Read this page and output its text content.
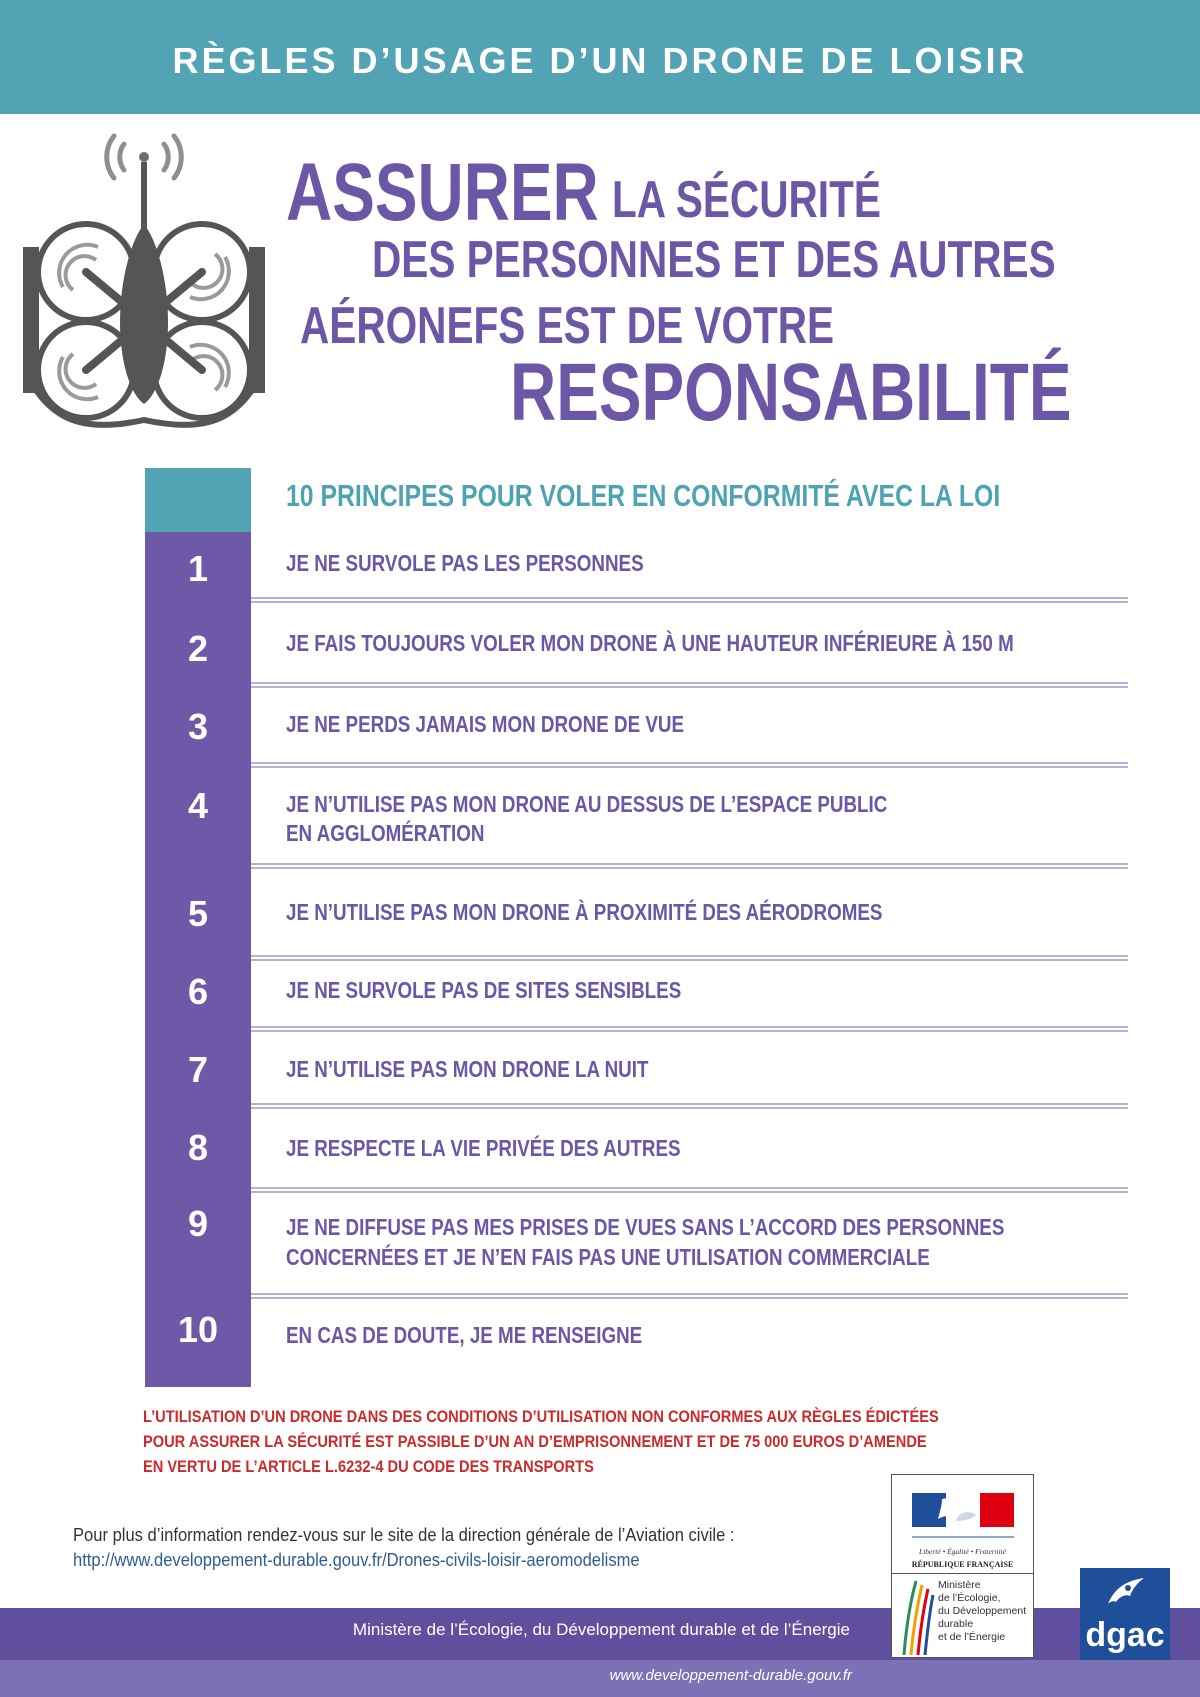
RÈGLES D’USAGE D’UN DRONE DE LOISIR
ASSURER LA SÉCURITÉ
DES PERSONNES ET DES AUTRES
AÉRONEFS EST DE VOTRE
RESPONSABILITÉ
10 PRINCIPES POUR VOLER EN CONFORMITÉ AVEC LA LOI
1	JE NE SURVOLE PAS LES PERSONNES
2	JE FAIS TOUJOURS VOLER MON DRONE À UNE HAUTEUR INFÉRIEURE À 150 M
3	JE NE PERDS JAMAIS MON DRONE DE VUE
4	JE N’UTILISE PAS MON DRONE AU DESSUS DE L’ESPACE PUBLIC
EN AGGLOMÉRATION
5	JE N’UTILISE PAS MON DRONE À PROXIMITÉ DES AÉRODROMES
6	JE NE SURVOLE PAS DE SITES SENSIBLES
7	JE N’UTILISE PAS MON DRONE LA NUIT
8	JE RESPECTE LA VIE PRIVÉE DES AUTRES
9	JE NE DIFFUSE PAS MES PRISES DE VUES SANS L’ACCORD DES PERSONNES
CONCERNÉES ET JE N’EN FAIS PAS UNE UTILISATION COMMERCIALE
10	EN CAS DE DOUTE, JE ME RENSEIGNE
L’UTILISATION D’UN DRONE DANS DES CONDITIONS D’UTILISATION NON CONFORMES AUX RÈGLES ÉDICTÉES
POUR ASSURER LA SÉCURITÉ EST PASSIBLE D’UN AN D’EMPRISONNEMENT ET DE 75 000 EUROS D’AMENDE
EN VERTU DE L’ARTICLE L.6232-4 DU CODE DES TRANSPORTS
Pour plus d’information rendez-vous sur le site de la direction générale de l’Aviation civile :
http://www.developpement-durable.gouv.fr/Drones-civils-loisir-aeromodelisme
Ministère de l’Écologie, du Développement durable et de l’Énergie
www.developpement-durable.gouv.fr
Liberté • Égalité • Fraternité
RÉPUBLIQUE FRANÇAISE
Ministère
de l’Écologie,
du Développement
durable
et de l’Énergie	dgac
